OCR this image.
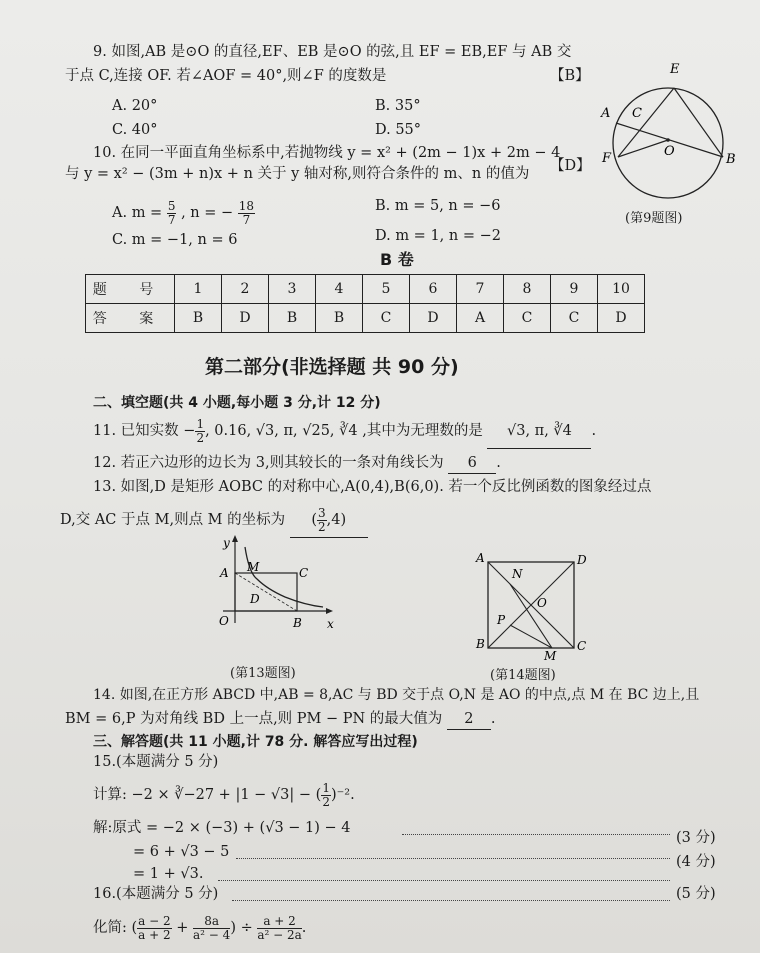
9. 如图,AB 是⊙O 的直径,EF、EB 是⊙O 的弦,且 EF = EB,EF 与 AB 交
于点 C,连接 OF. 若∠AOF = 40°,则∠F 的度数是	【B】
A. 20°	B. 35°
C. 40°	D. 55°
E
A C
O
F	B
(第9题图)
10. 在同一平面直角坐标系中,若抛物线 y = x² + (2m − 1)x + 2m − 4
与 y = x² − (3m + n)x + n 关于 y 轴对称,则符合条件的 m、n 的值为 【D】
A. $m = \frac{5}{7}$ , n = − $\frac{18}{7}$	B. m = 5, n = −6
C. m = −1, n = 6	D. m = 1, n = −2
B 卷
题 号	1	2	3	4	5	6	7	8	9	10
答 案	B	D	B	B	C	D	A	C	C	D
第二部分(非选择题 共 90 分)
二、填空题(共 4 小题,每小题 3 分,计 12 分)
11. 已知实数 − $\frac{1}{2}$ , 0.16, √3, π, √25, ∛4 ,其中为无理数的是 √3, π, ∛4 .
12. 若正六边形的边长为 3,则其较长的一条对角线长为 6 .
13. 如图,D 是矩形 AOBC 的对称中心,A(0,4),B(6,0). 若一个反比例函数的图象经过点
D,交 AC 于点 M,则点 M 的坐标为 ( $\frac{3}{2} ,4$)
y
x
A M	C
D
O	B
(第13题图)
A	D
N
O
P
B
M
C
(第14题图)
14. 如图,在正方形 ABCD 中,AB = 8,AC 与 BD 交于点 O,N 是 AO 的中点,点 M 在 BC 边上,且
BM = 6,P 为对角线 BD 上一点,则 PM − PN 的最大值为 2 .
三、解答题(共 11 小题,计 78 分. 解答应写出过程)
15.(本题满分 5 分)
计算: −2 × ∛−27 + |1 − √3| − ( $\frac{1}{2} )^{-2}$.
解:原式 = −2 × (−3) + (√3 − 1) − 4
(3 分)
= 6 + √3 − 5
(4 分)
= 1 + √3.
16.(本题满分 5 分)	(5 分)
化简: ( $\frac{a - 2}{a + 2} + \frac{8a}{\text{a² − 4}}$ ) ÷ $\frac{a + 2}{\text{a² − 2a}}$ .
